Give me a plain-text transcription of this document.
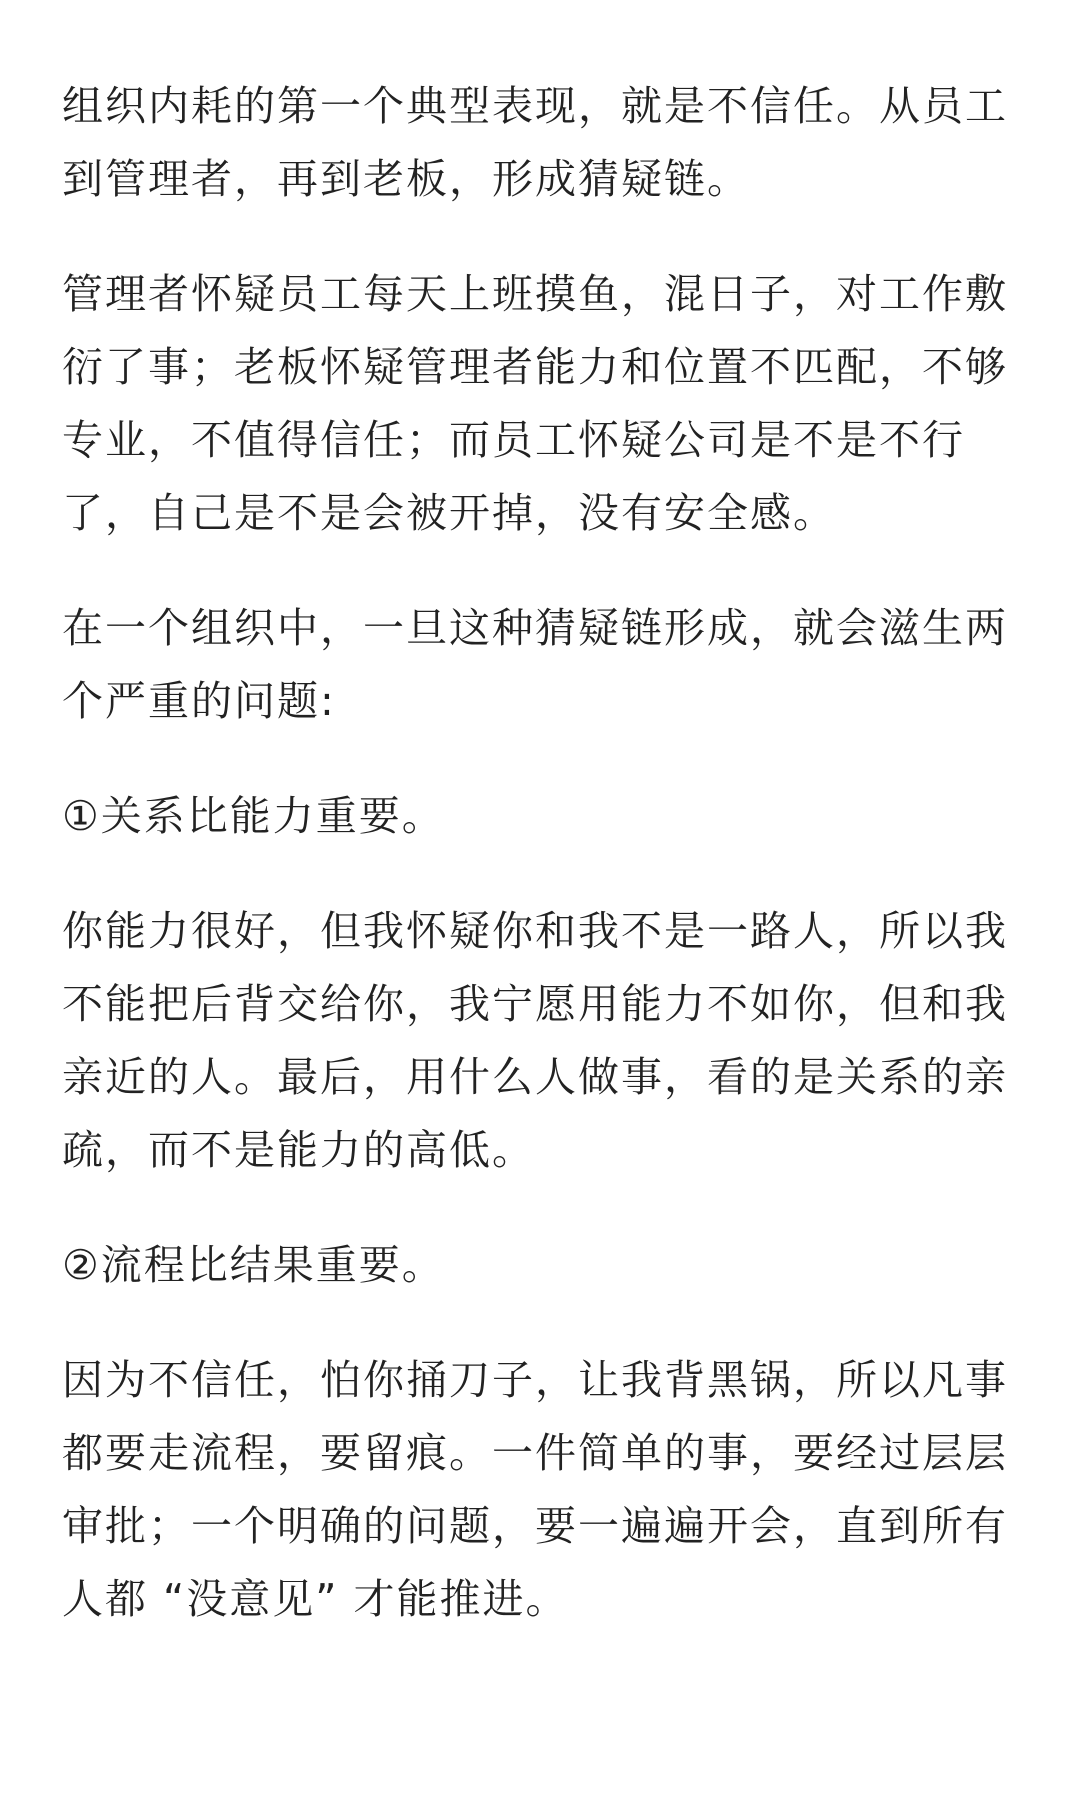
组织内耗的第一个典型表现，就是不信任。从员工到管理者，再到老板，形成猜疑链。

管理者怀疑员工每天上班摸鱼，混日子，对工作敷衍了事；老板怀疑管理者能力和位置不匹配，不够专业，不值得信任；而员工怀疑公司是不是不行了，自己是不是会被开掉，没有安全感。

在一个组织中，一旦这种猜疑链形成，就会滋生两个严重的问题:

①关系比能力重要。

你能力很好，但我怀疑你和我不是一路人，所以我不能把后背交给你，我宁愿用能力不如你，但和我亲近的人。最后，用什么人做事，看的是关系的亲疏，而不是能力的高低。

②流程比结果重要。

因为不信任，怕你捅刀子，让我背黑锅，所以凡事都要走流程，要留痕。一件简单的事，要经过层层审批；一个明确的问题，要一遍遍开会，直到所有人都 “没意见” 才能推进。
